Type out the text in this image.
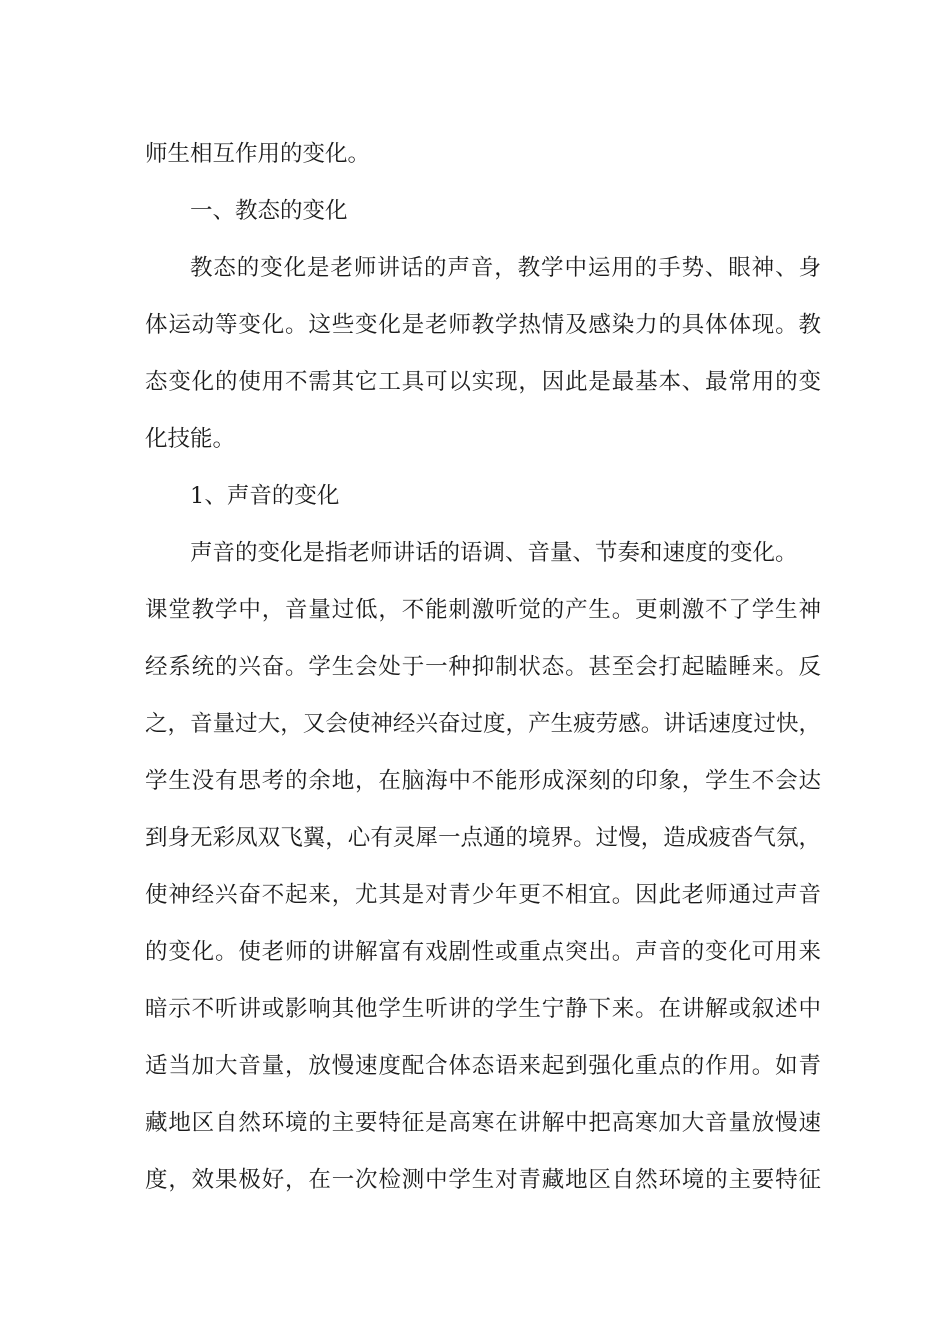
师生相互作用的变化。
一、教态的变化
教态的变化是老师讲话的声音，教学中运用的手势、眼神、身
体运动等变化。这些变化是老师教学热情及感染力的具体体现。教
态变化的使用不需其它工具可以实现，因此是最基本、最常用的变
化技能。
1、声音的变化
声音的变化是指老师讲话的语调、音量、节奏和速度的变化。
课堂教学中，音量过低，不能刺激听觉的产生。更刺激不了学生神
经系统的兴奋。学生会处于一种抑制状态。甚至会打起瞌睡来。反
之，音量过大，又会使神经兴奋过度，产生疲劳感。讲话速度过快，
学生没有思考的余地，在脑海中不能形成深刻的印象，学生不会达
到身无彩凤双飞翼，心有灵犀一点通的境界。过慢，造成疲沓气氛，
使神经兴奋不起来，尤其是对青少年更不相宜。因此老师通过声音
的变化。使老师的讲解富有戏剧性或重点突出。声音的变化可用来
暗示不听讲或影响其他学生听讲的学生宁静下来。在讲解或叙述中
适当加大音量，放慢速度配合体态语来起到强化重点的作用。如青
藏地区自然环境的主要特征是高寒在讲解中把高寒加大音量放慢速
度，效果极好，在一次检测中学生对青藏地区自然环境的主要特征
